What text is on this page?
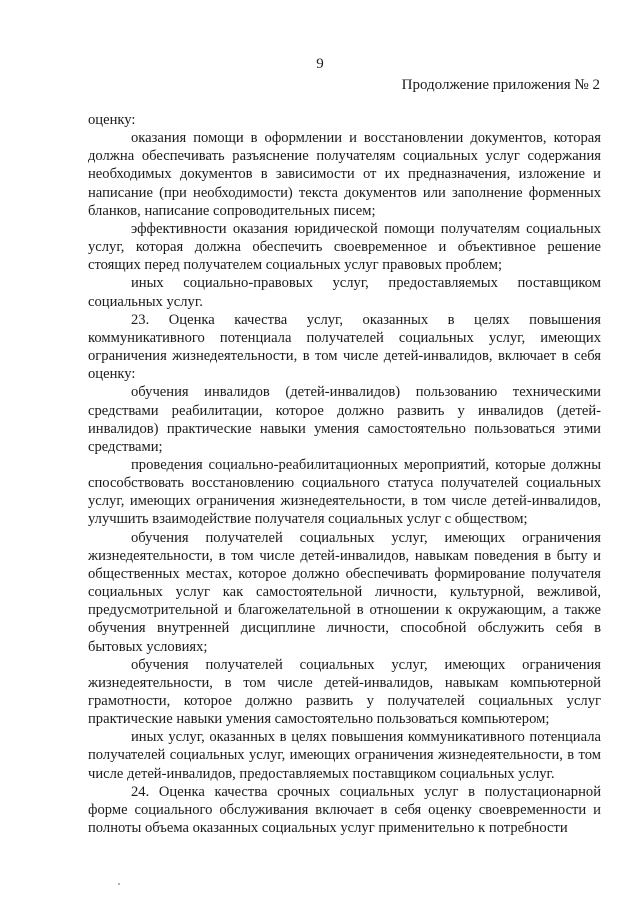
9
Продолжение приложения № 2

оценку:

оказания помощи в оформлении и восстановлении документов, которая должна обеспечивать разъяснение получателям социальных услуг содержания необходимых документов в зависимости от их предназначения, изложение и написание (при необходимости) текста документов или заполнение форменных бланков, написание сопроводительных писем;

эффективности оказания юридической помощи получателям социальных услуг, которая должна обеспечить своевременное и объективное решение стоящих перед получателем социальных услуг правовых проблем;

иных социально-правовых услуг, предоставляемых поставщиком социальных услуг.

23. Оценка качества услуг, оказанных в целях повышения коммуникативного потенциала получателей социальных услуг, имеющих ограничения жизнедеятельности, в том числе детей-инвалидов, включает в себя оценку:

обучения инвалидов (детей-инвалидов) пользованию техническими средствами реабилитации, которое должно развить у инвалидов (детей-инвалидов) практические навыки умения самостоятельно пользоваться этими средствами;

проведения социально-реабилитационных мероприятий, которые должны способствовать восстановлению социального статуса получателей социальных услуг, имеющих ограничения жизнедеятельности, в том числе детей-инвалидов, улучшить взаимодействие получателя социальных услуг с обществом;

обучения получателей социальных услуг, имеющих ограничения жизнедеятельности, в том числе детей-инвалидов, навыкам поведения в быту и общественных местах, которое должно обеспечивать формирование получателя социальных услуг как самостоятельной личности, культурной, вежливой, предусмотрительной и благожелательной в отношении к окружающим, а также обучения внутренней дисциплине личности, способной обслужить себя в бытовых условиях;

обучения получателей социальных услуг, имеющих ограничения жизнедеятельности, в том числе детей-инвалидов, навыкам компьютерной грамотности, которое должно развить у получателей социальных услуг практические навыки умения самостоятельно пользоваться компьютером;

иных услуг, оказанных в целях повышения коммуникативного потенциала получателей социальных услуг, имеющих ограничения жизнедеятельности, в том числе детей-инвалидов, предоставляемых поставщиком социальных услуг.

24. Оценка качества срочных социальных услуг в полустационарной форме социального обслуживания включает в себя оценку своевременности и полноты объема оказанных социальных услуг применительно к потребности
